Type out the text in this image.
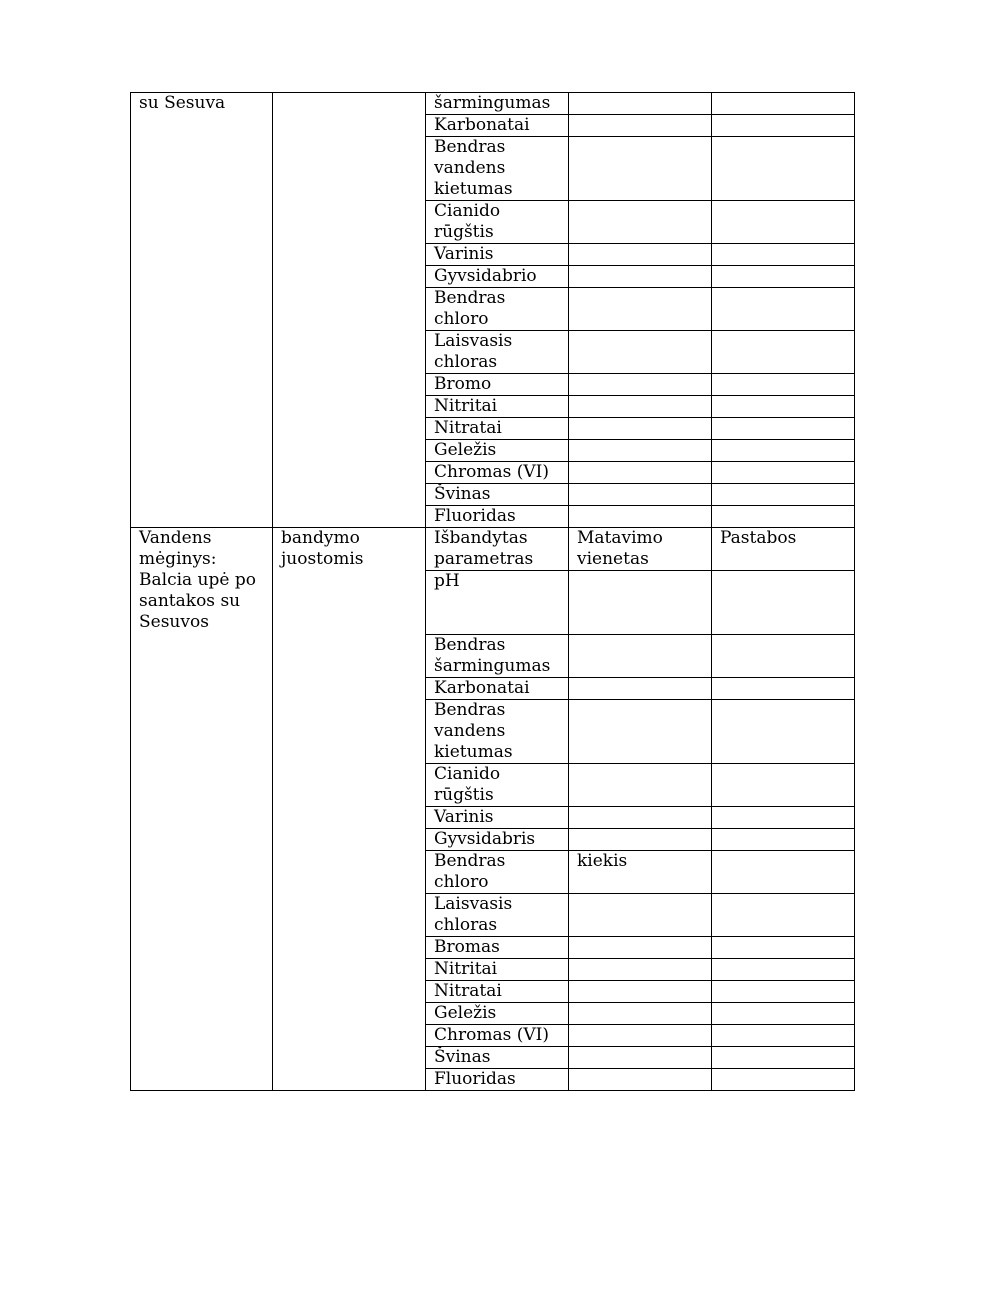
su Sesuva		šarmingumas		
		Karbonatai		
		Bendras vandens kietumas		
		Cianido rūgštis		
		Varinis		
		Gyvsidabrio		
		Bendras chloro		
		Laisvasis chloras		
		Bromo		
		Nitritai		
		Nitratai		
		Geležis		
		Chromas (VI)		
		Švinas		
		Fluoridas		
Vandens mėginys: Balcia upė po santakos su Sesuvos	bandymo juostomis	Išbandytas parametras	Matavimo vienetas	Pastabos
		pH		
		Bendras šarmingumas		
		Karbonatai		
		Bendras vandens kietumas		
		Cianido rūgštis		
		Varinis		
		Gyvsidabris		
		Bendras chloro	kiekis	
		Laisvasis chloras		
		Bromas		
		Nitritai		
		Nitratai		
		Geležis		
		Chromas (VI)		
		Švinas		
		Fluoridas		
